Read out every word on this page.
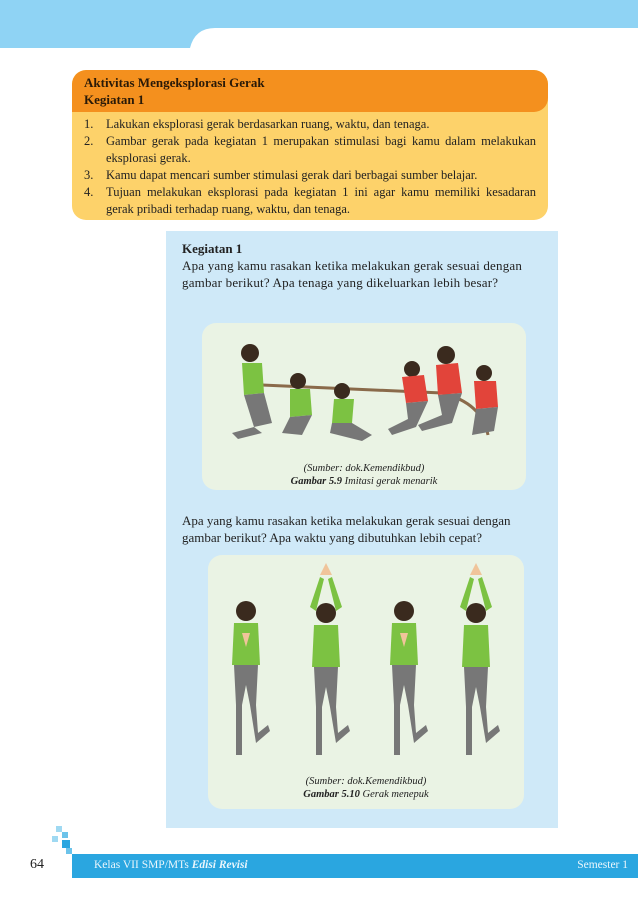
Aktivitas Mengeksplorasi Gerak
Kegiatan 1
1.	Lakukan eksplorasi gerak berdasarkan ruang, waktu, dan tenaga.
2.	Gambar gerak pada kegiatan 1 merupakan stimulasi bagi kamu dalam melakukan eksplorasi gerak.
3.	Kamu dapat mencari sumber stimulasi gerak dari berbagai sumber belajar.
4.	Tujuan melakukan eksplorasi pada kegiatan 1 ini agar kamu memiliki kesadaran gerak pribadi terhadap ruang, waktu, dan tenaga.
Kegiatan 1

Apa yang kamu rasakan ketika melakukan gerak sesuai dengan gambar berikut? Apa tenaga yang dikeluarkan lebih besar?

(Sumber: dok.Kemendikbud)
Gambar 5.9 Imitasi gerak menarik

Apa yang kamu rasakan ketika melakukan gerak sesuai dengan gambar berikut? Apa waktu yang dibutuhkan lebih cepat?

(Sumber: dok.Kemendikbud)
Gambar 5.10 Gerak menepuk
64	Kelas VII SMP/MTs Edisi Revisi	Semester 1
